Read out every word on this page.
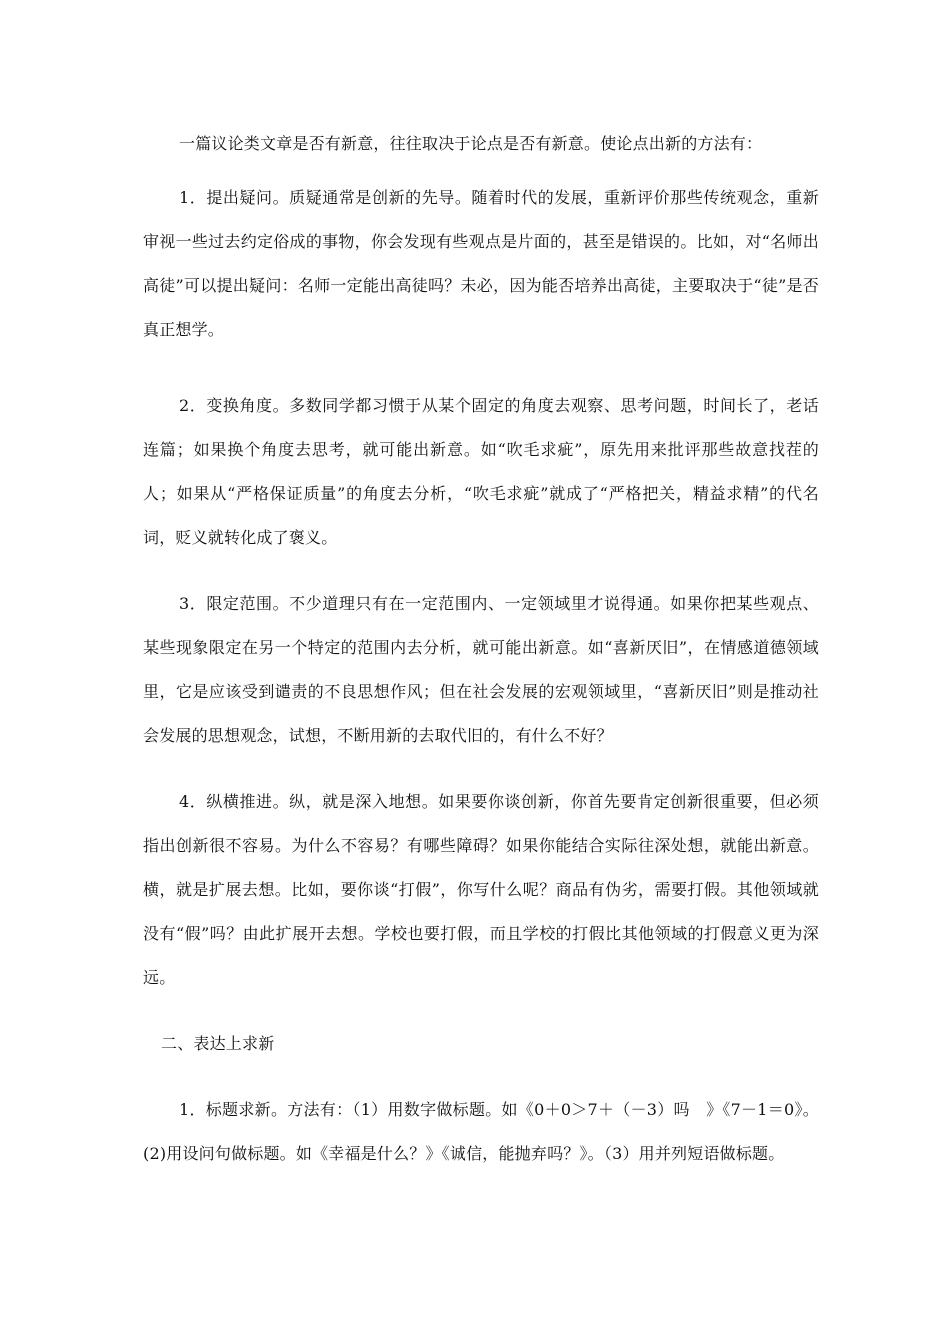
一篇议论类文章是否有新意，往往取决于论点是否有新意。使论点出新的方法有：

1．提出疑问。质疑通常是创新的先导。随着时代的发展，重新评价那些传统观念，重新审视一些过去约定俗成的事物，你会发现有些观点是片面的，甚至是错误的。比如，对“名师出高徒”可以提出疑问：名师一定能出高徒吗？未必，因为能否培养出高徒，主要取决于“徒”是否真正想学。

2．变换角度。多数同学都习惯于从某个固定的角度去观察、思考问题，时间长了，老话连篇；如果换个角度去思考，就可能出新意。如“吹毛求疵”，原先用来批评那些故意找茬的人；如果从“严格保证质量”的角度去分析，“吹毛求疵”就成了“严格把关，精益求精”的代名词，贬义就转化成了褒义。

3．限定范围。不少道理只有在一定范围内、一定领域里才说得通。如果你把某些观点、某些现象限定在另一个特定的范围内去分析，就可能出新意。如“喜新厌旧”，在情感道德领域里，它是应该受到谴责的不良思想作风；但在社会发展的宏观领域里，“喜新厌旧”则是推动社会发展的思想观念，试想，不断用新的去取代旧的，有什么不好？

4．纵横推进。纵，就是深入地想。如果要你谈创新，你首先要肯定创新很重要，但必须指出创新很不容易。为什么不容易？有哪些障碍？如果你能结合实际往深处想，就能出新意。横，就是扩展去想。比如，要你谈“打假”，你写什么呢？商品有伪劣，需要打假。其他领域就没有“假”吗？由此扩展开去想。学校也要打假，而且学校的打假比其他领域的打假意义更为深远。

二、表达上求新

1．标题求新。方法有：（1）用数字做标题。如《0＋0＞7＋（－3）吗　》《7－1＝0》。(2)用设问句做标题。如《幸福是什么？》《诚信，能抛弃吗？》。（3）用并列短语做标题。
